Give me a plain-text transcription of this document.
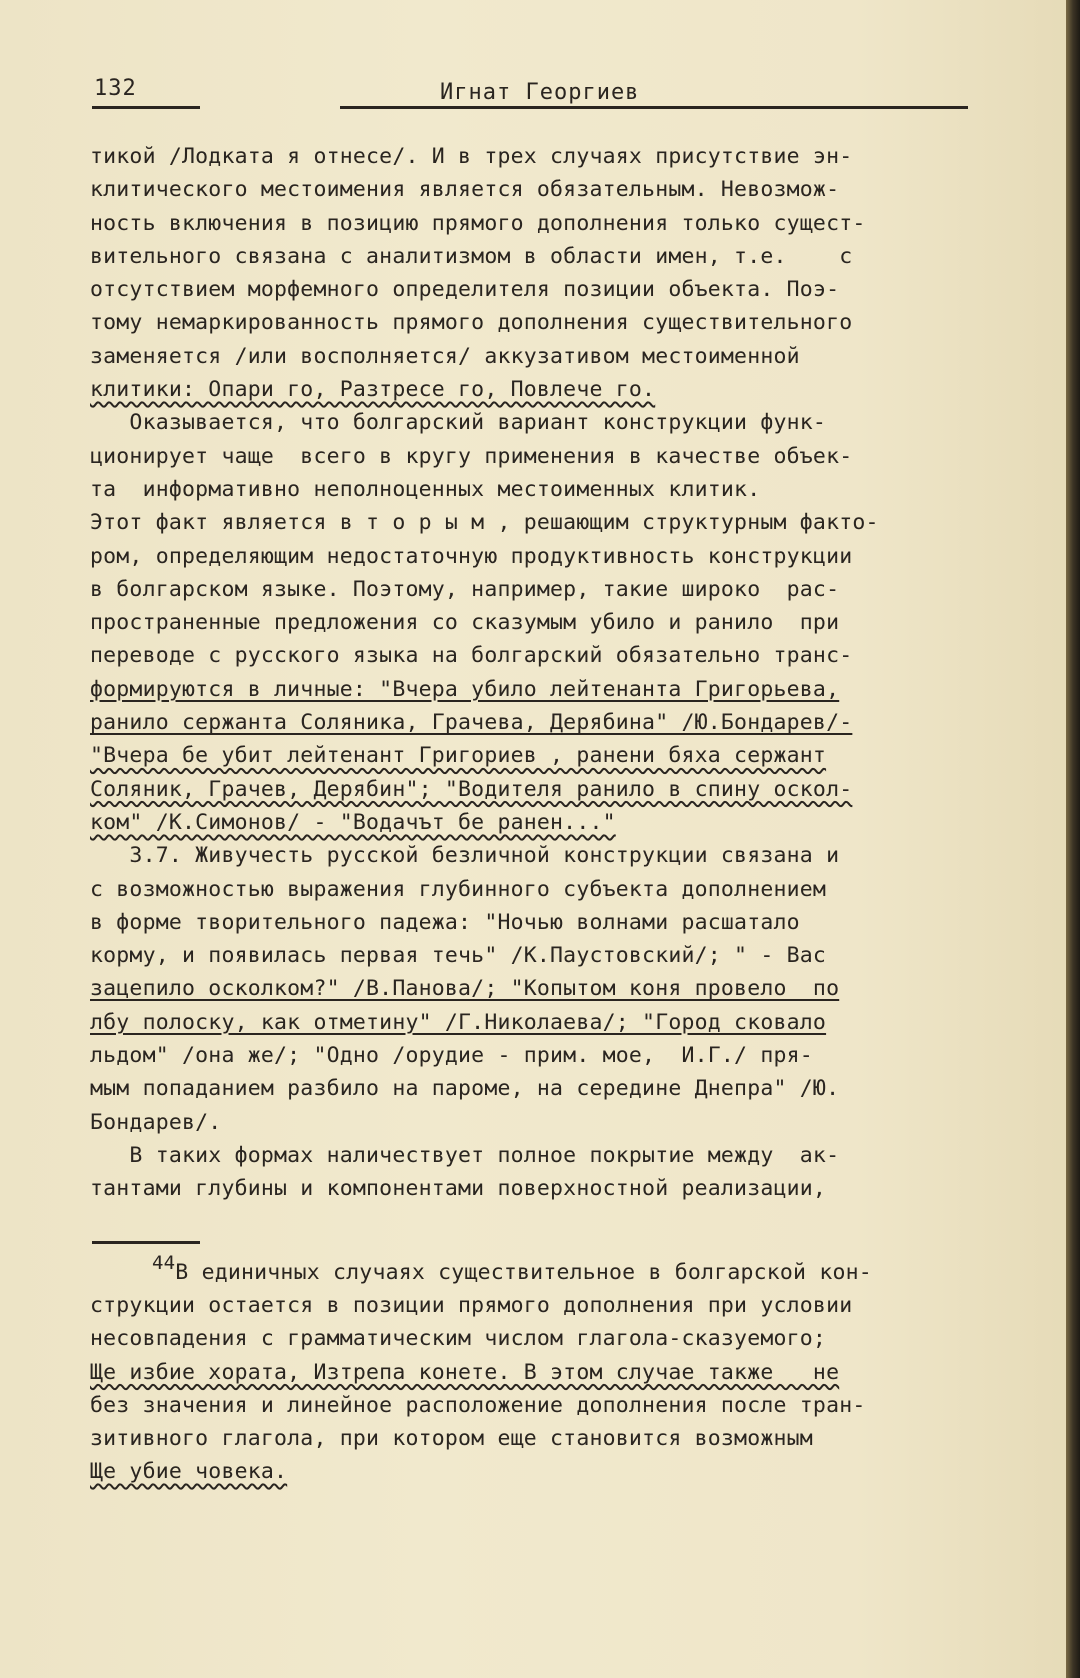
132	Игнат Георгиев
тикой /Лодката я отнесе/. И в трех случаях присутствие эн-
клитического местоимения является обязательным. Невозмож-
ность включения в позицию прямого дополнения только сущест-
вительного связана с аналитизмом в области имен, т.е.    с
отсутствием морфемного определителя позиции объекта. Поэ-
тому немаркированность прямого дополнения существительного
заменяется /или восполняется/ аккузативом местоименной
клитики: Опари го, Разтресе го, Повлече го.
Оказывается, что болгарский вариант конструкции функ-
ционирует чаще  всего в кругу применения в качестве объек-
та  информативно неполноценных местоименных клитик.
Этот факт является в т о р ы м , решающим структурным факто-
ром, определяющим недостаточную продуктивность конструкции
в болгарском языке. Поэтому, например, такие широко  рас-
пространенные предложения со сказумым убило и ранило  при
переводе с русского языка на болгарский обязательно транс-
формируются в личные: "Вчера убило лейтенанта Григорьева,
ранило сержанта Соляника, Грачева, Дерябина" /Ю.Бондарев/-
"Вчера бе убит лейтенант Григориев , ранени бяха сержант
Соляник, Грачев, Дерябин"; "Водителя ранило в спину оскол-
ком" /К.Симонов/ - "Водачът бе ранен..."
3.7. Живучесть русской безличной конструкции связана и
с возможностью выражения глубинного субъекта дополнением
в форме творительного падежа: "Ночью волнами расшатало
корму, и появилась первая течь" /К.Паустовский/; " - Вас
зацепило осколком?" /В.Панова/; "Копытом коня провело  по
лбу полоску, как отметину" /Г.Николаева/; "Город сковало
льдом" /она же/; "Одно /орудие - прим. мое,  И.Г./ пря-
мым попаданием разбило на пароме, на середине Днепра" /Ю.
Бондарев/.
В таких формах наличествует полное покрытие между  ак-
тантами глубины и компонентами поверхностной реализации,
44В единичных случаях существительное в болгарской кон-
струкции остается в позиции прямого дополнения при условии
несовпадения с грамматическим числом глагола-сказуемого;
Ще избие хората, Изтрепа конете. В этом случае также   не
без значения и линейное расположение дополнения после тран-
зитивного глагола, при котором еще становится возможным
Ще убие човека.
